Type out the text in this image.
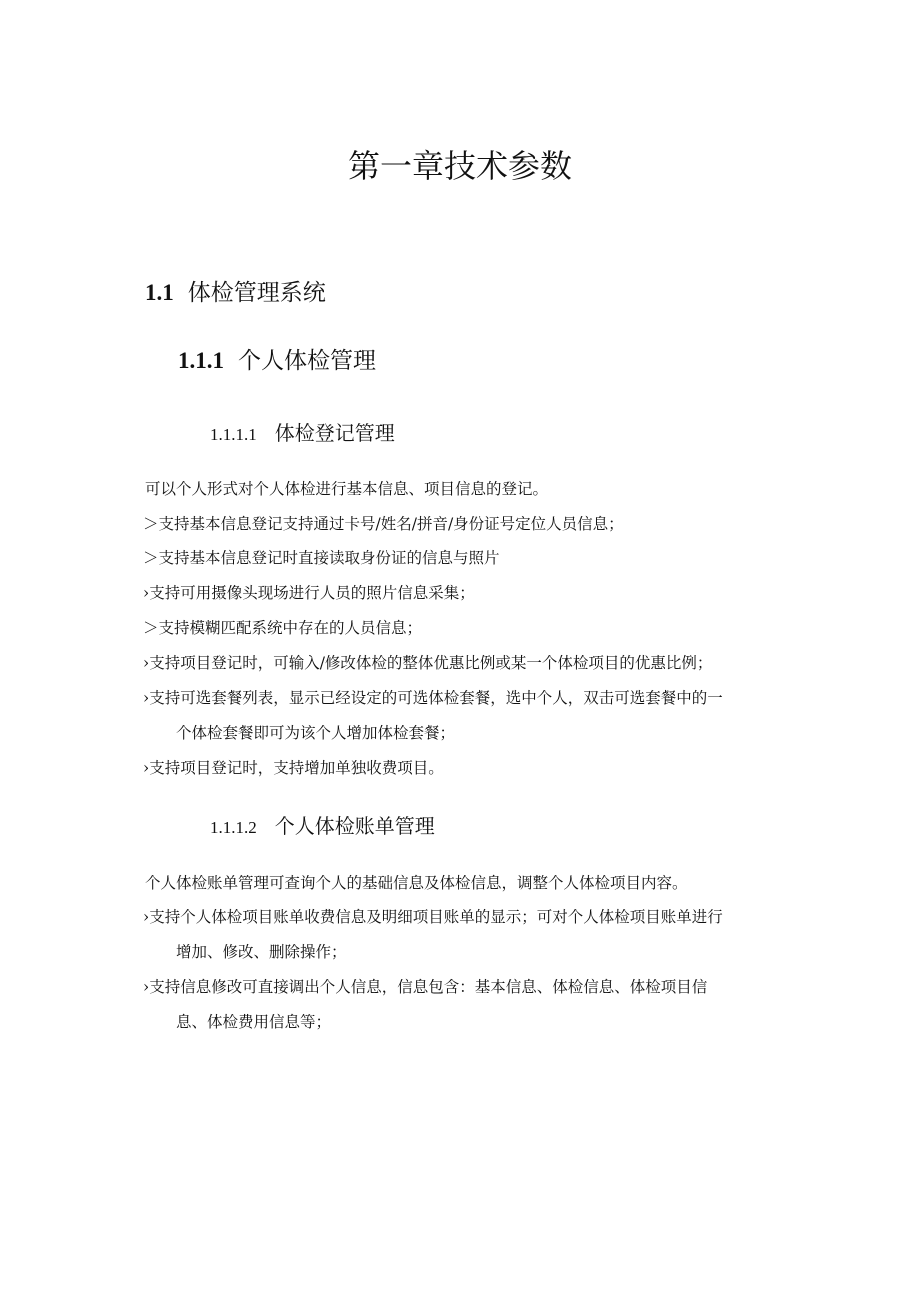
第一章技术参数
1.1 体检管理系统
1.1.1 个人体检管理
1.1.1.1 体检登记管理

可以个人形式对个人体检进行基本信息、项目信息的登记。

＞支持基本信息登记支持通过卡号/姓名/拼音/身份证号定位人员信息；
＞支持基本信息登记时直接读取身份证的信息与照片
›支持可用摄像头现场进行人员的照片信息采集；
＞支持模糊匹配系统中存在的人员信息；
›支持项目登记时，可输入/修改体检的整体优惠比例或某一个体检项目的优惠比例；
›支持可选套餐列表，显示已经设定的可选体检套餐，选中个人，双击可选套餐中的一
个体检套餐即可为该个人增加体检套餐；
›支持项目登记时，支持增加单独收费项目。
1.1.1.2 个人体检账单管理

个人体检账单管理可查询个人的基础信息及体检信息，调整个人体检项目内容。

›支持个人体检项目账单收费信息及明细项目账单的显示；可对个人体检项目账单进行
增加、修改、删除操作；
›支持信息修改可直接调出个人信息，信息包含：基本信息、体检信息、体检项目信
息、体检费用信息等；
